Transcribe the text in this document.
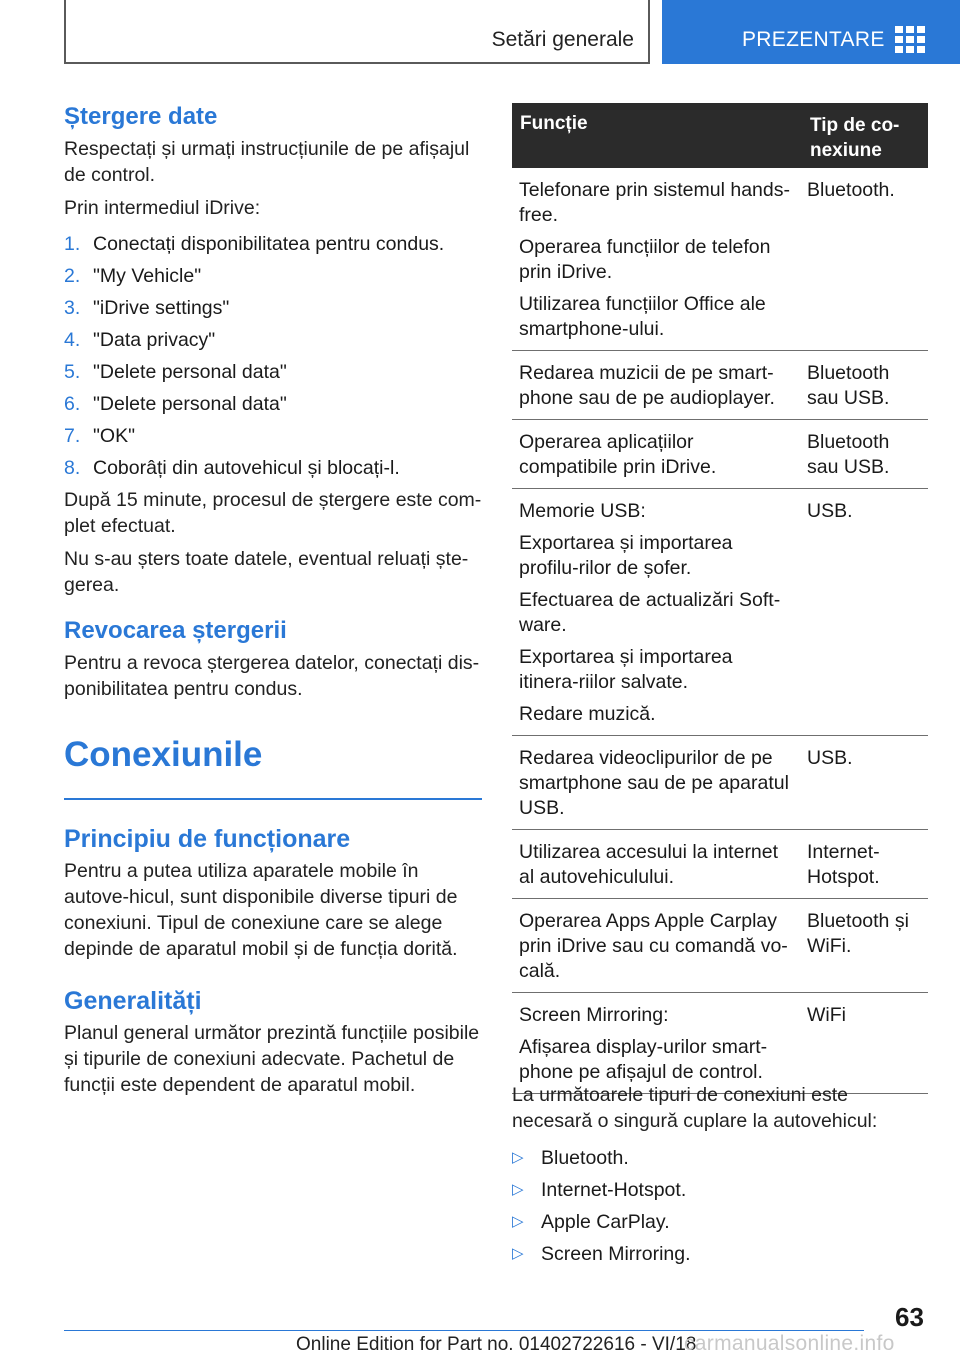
Setări generale	PREZENTARE
Ștergere date

Respectați și urmați instrucțiunile de pe afișajul de control.

Prin intermediul iDrive:

1. Conectați disponibilitatea pentru condus.
2. "My Vehicle"
3. "iDrive settings"
4. "Data privacy"
5. "Delete personal data"
6. "Delete personal data"
7. "OK"
8. Coborâți din autovehicul și blocați-l.

După 15 minute, procesul de ștergere este com-plet efectuat.

Nu s-au șters toate datele, eventual reluați ște-gerea.

Revocarea ștergerii

Pentru a revoca ștergerea datelor, conectați dis-ponibilitatea pentru condus.

Conexiunile
Principiu de funcționare

Pentru a putea utiliza aparatele mobile în autove-hicul, sunt disponibile diverse tipuri de conexiuni. Tipul de conexiune care se alege depinde de aparatul mobil și de funcția dorită.

Generalități

Planul general următor prezintă funcțiile posibile și tipurile de conexiuni adecvate. Pachetul de funcții este dependent de aparatul mobil.

Funcție	Tip de co-nexiune
Telefonare prin sistemul hands-free.
Operarea funcțiilor de telefon prin iDrive.
Utilizarea funcțiilor Office ale smartphone-ului.
Bluetooth.
Redarea muzicii de pe smart-phone sau de pe audioplayer.
Bluetooth sau USB.
Operarea aplicațiilor compatibile prin iDrive.
Bluetooth sau USB.
Memorie USB:
Exportarea și importarea profilu-rilor de șofer.
Efectuarea de actualizări Soft-ware.
Exportarea și importarea itinera-riilor salvate.
Redare muzică.
USB.
Redarea videoclipurilor de pe smartphone sau de pe aparatul USB.
USB.
Utilizarea accesului la internet al autovehiculului.
Internet-Hotspot.
Operarea Apps Apple Carplay prin iDrive sau cu comandă vo-cală.
Bluetooth și WiFi.
Screen Mirroring:
Afișarea display-urilor smart-phone pe afișajul de control.
WiFi

La următoarele tipuri de conexiuni este necesară o singură cuplare la autovehicul:

▷ Bluetooth.
▷ Internet-Hotspot.
▷ Apple CarPlay.
▷ Screen Mirroring.
63
Online Edition for Part no. 01402722616 - VI/18
carmanualsonline.info
